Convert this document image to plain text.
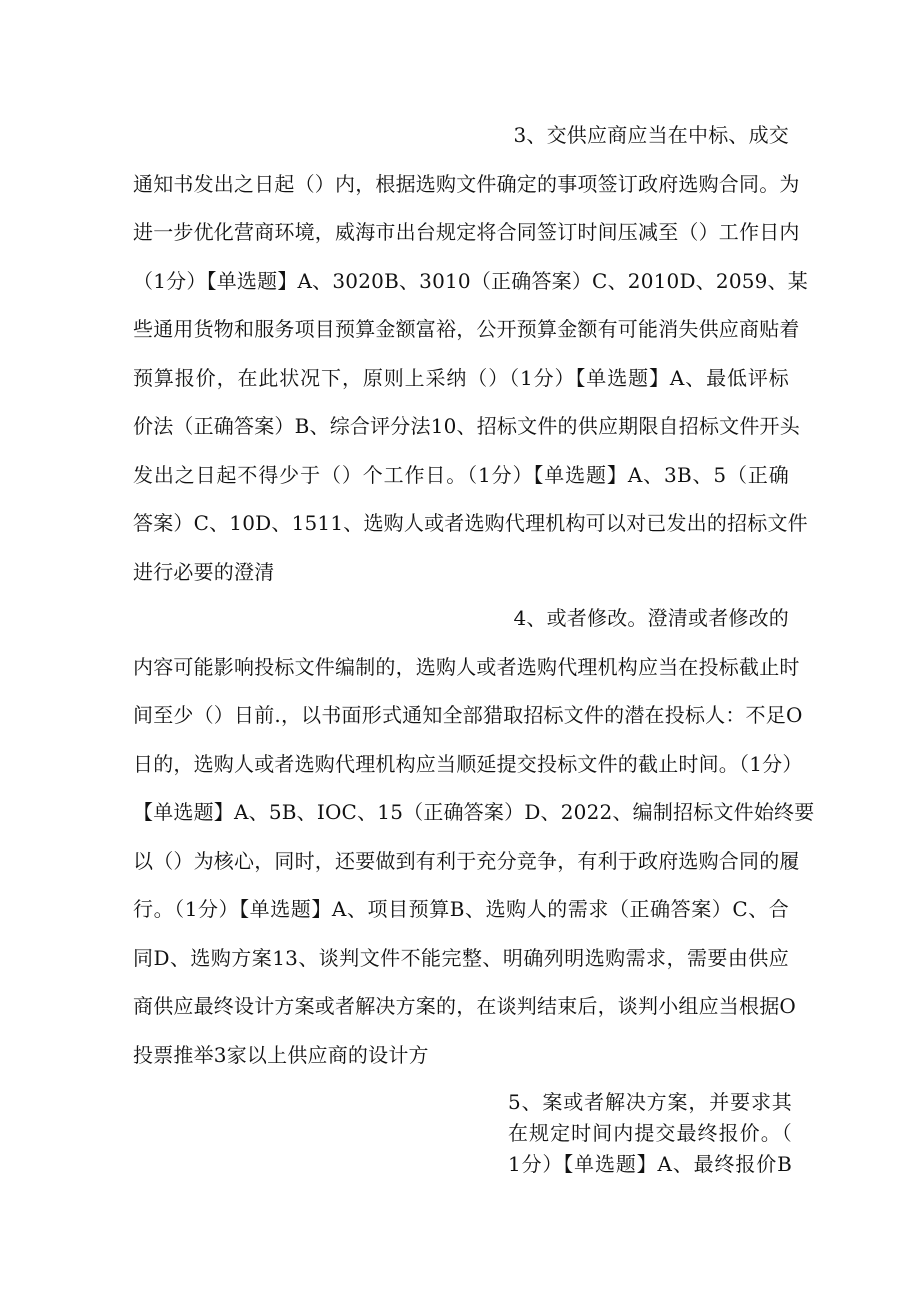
3、交供应商应当在中标、成交
通知书发出之日起（）内，根据选购文件确定的事项签订政府选购合同。为
进一步优化营商环境，威海市出台规定将合同签订时间压减至（）工作日内
（1分）【单选题】A、3020B、3010（正确答案）C、2010D、2059、某
些通用货物和服务项目预算金额富裕，公开预算金额有可能消失供应商贴着
预算报价，在此状况下，原则上采纳（）（1分）【单选题】A、最低评标
价法（正确答案）B、综合评分法10、招标文件的供应期限自招标文件开头
发出之日起不得少于（）个工作日。（1分）【单选题】A、3B、5（正确
答案）C、10D、1511、选购人或者选购代理机构可以对已发出的招标文件
进行必要的澄清
4、或者修改。澄清或者修改的
内容可能影响投标文件编制的，选购人或者选购代理机构应当在投标截止时
间至少（）日前.，以书面形式通知全部猎取招标文件的潜在投标人：不足O
日的，选购人或者选购代理机构应当顺延提交投标文件的截止时间。（1分）
【单选题】A、5B、IOC、15（正确答案）D、2022、编制招标文件始终要
以（）为核心，同时，还要做到有利于充分竞争，有利于政府选购合同的履
行。（1分）【单选题】A、项目预算B、选购人的需求（正确答案）C、合
同D、选购方案13、谈判文件不能完整、明确列明选购需求，需要由供应
商供应最终设计方案或者解决方案的，在谈判结束后，谈判小组应当根据O
投票推举3家以上供应商的设计方
5、案或者解决方案，并要求其
在规定时间内提交最终报价。（
1分）【单选题】A、最终报价B
